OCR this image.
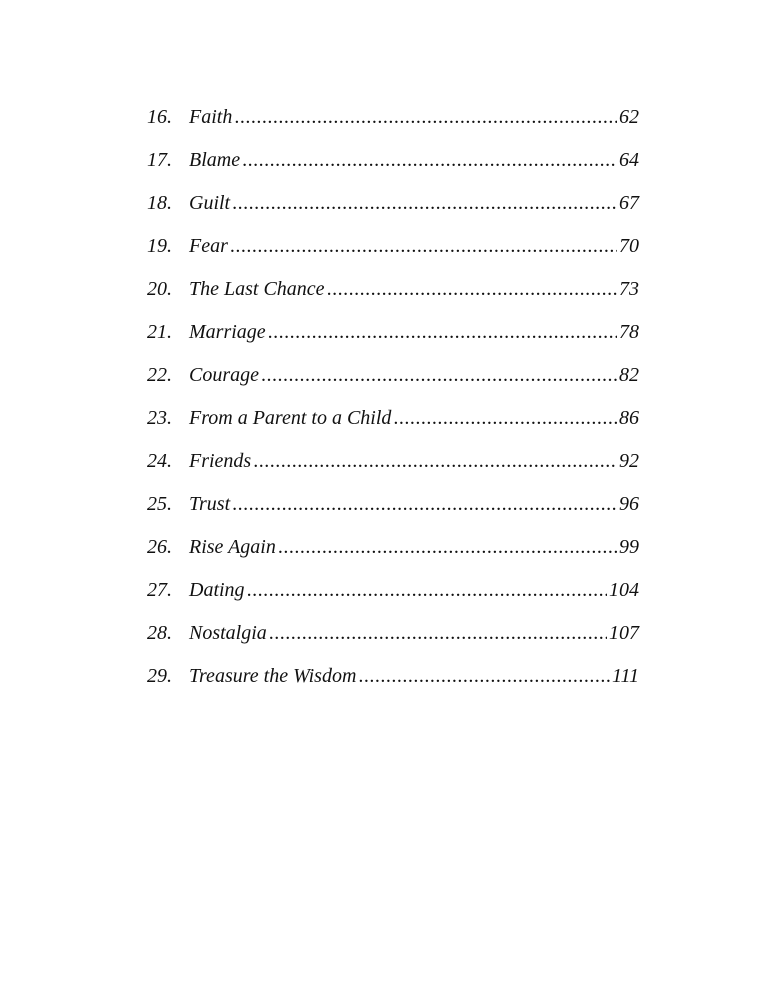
16. Faith .....	62
17. Blame .....	64
18. Guilt .....	67
19. Fear .....	70
20. The Last Chance .....	73
21. Marriage .....	78
22. Courage .....	82
23. From a Parent to a Child .....	86
24. Friends .....	92
25. Trust .....	96
26. Rise Again .....	99
27. Dating .....	104
28. Nostalgia .....	107
29. Treasure the Wisdom .....	111
